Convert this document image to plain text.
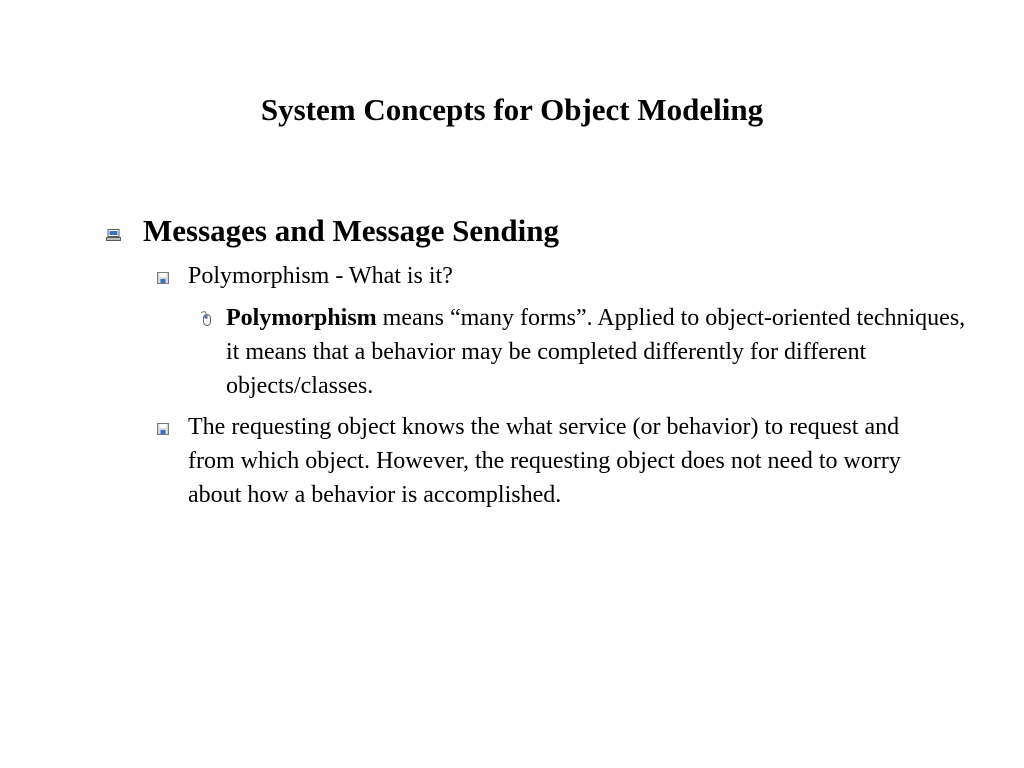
System Concepts for Object Modeling
Messages and Message Sending
Polymorphism - What is it?
Polymorphism means “many forms”. Applied to object-oriented techniques, it means that a behavior may be completed differently for different objects/classes.
The requesting object knows the what service (or behavior) to request and from which object. However, the requesting object does not need to worry about how a behavior is accomplished.
